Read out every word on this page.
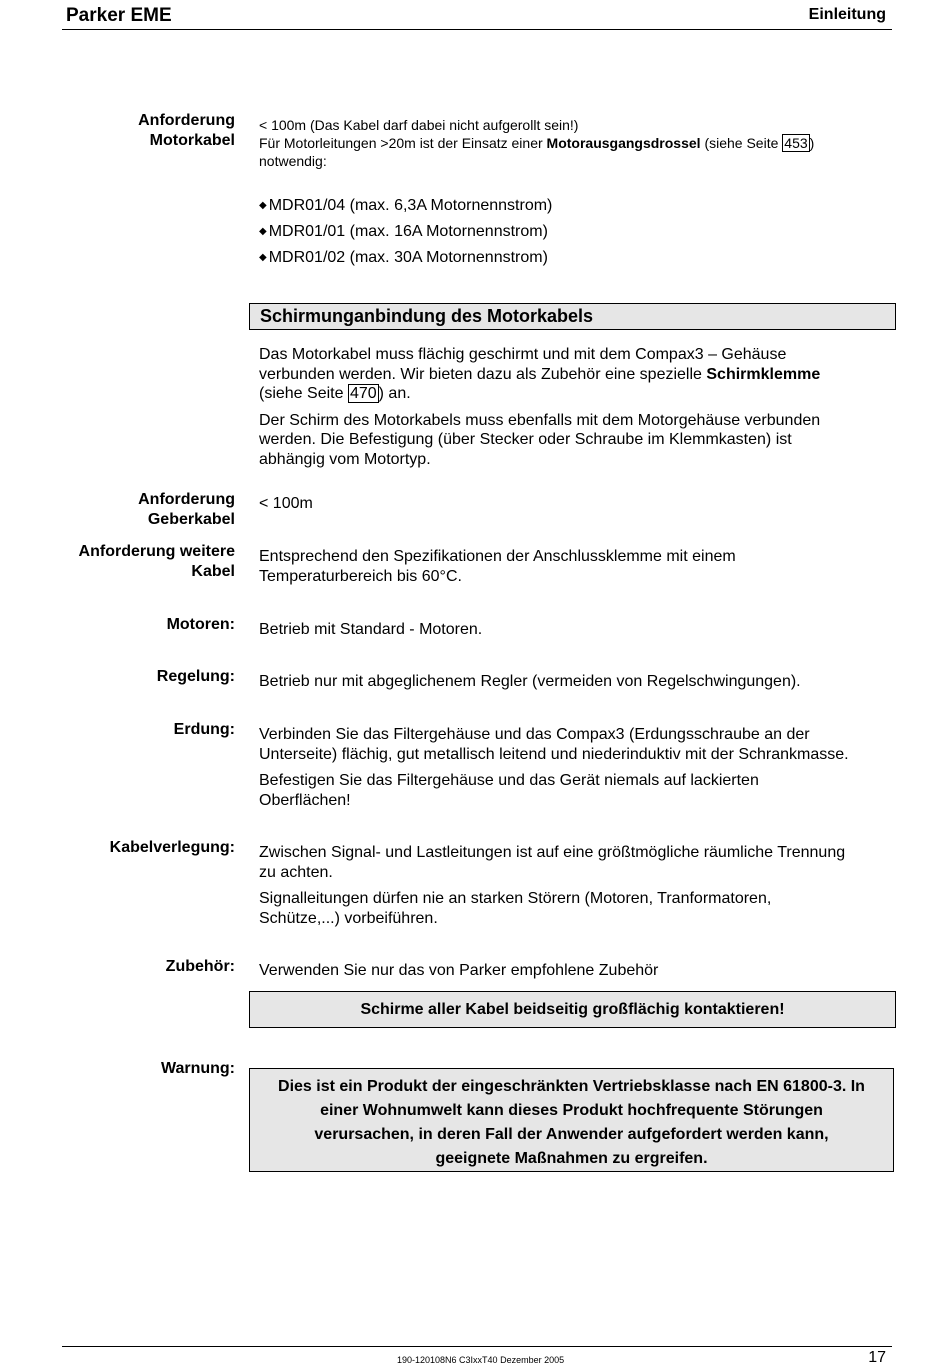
Parker EME	Einleitung
Anforderung
Motorkabel

< 100m (Das Kabel darf dabei nicht aufgerollt sein!)

Für Motorleitungen >20m ist der Einsatz einer Motorausgangsdrossel (siehe Seite 453 )

notwendig:

◆ MDR01/04 (max. 6,3A Motornennstrom)
◆ MDR01/01 (max. 16A Motornennstrom)
◆ MDR01/02 (max. 30A Motornennstrom)
Schirmunganbindung des Motorkabels

Das Motorkabel muss flächig geschirmt und mit dem Compax3 – Gehäuse

verbunden werden. Wir bieten dazu als Zubehör eine spezielle Schirmklemme

(siehe Seite 470 ) an.

Der Schirm des Motorkabels muss ebenfalls mit dem Motorgehäuse verbunden

werden. Die Befestigung (über Stecker oder Schraube im Klemmkasten) ist

abhängig vom Motortyp.

Anforderung
Geberkabel
< 100m
Anforderung weitere
Kabel

Entsprechend den Spezifikationen der Anschlussklemme mit einem

Temperaturbereich bis 60°C.

Motoren: Betrieb mit Standard - Motoren.
Regelung: Betrieb nur mit abgeglichenem Regler (vermeiden von Regelschwingungen).
Erdung: Verbinden Sie das Filtergehäuse und das Compax3 (Erdungsschraube an der

Unterseite) flächig, gut metallisch leitend und niederinduktiv mit der Schrankmasse.

Befestigen Sie das Filtergehäuse und das Gerät niemals auf lackierten

Oberflächen!

Kabelverlegung: Zwischen Signal- und Lastleitungen ist auf eine größtmögliche räumliche Trennung

zu achten.

Signalleitungen dürfen nie an starken Störern (Motoren, Tranformatoren,

Schütze,...) vorbeiführen.

Zubehör: Verwenden Sie nur das von Parker empfohlene Zubehör
Schirme aller Kabel beidseitig großflächig kontaktieren!
Warnung:
Dies ist ein Produkt der eingeschränkten Vertriebsklasse nach EN 61800-3. In
einer Wohnumwelt kann dieses Produkt hochfrequente Störungen
verursachen, in deren Fall der Anwender aufgefordert werden kann,
geeignete Maßnahmen zu ergreifen.
190-120108N6 C3IxxT40 Dezember 2005	17
